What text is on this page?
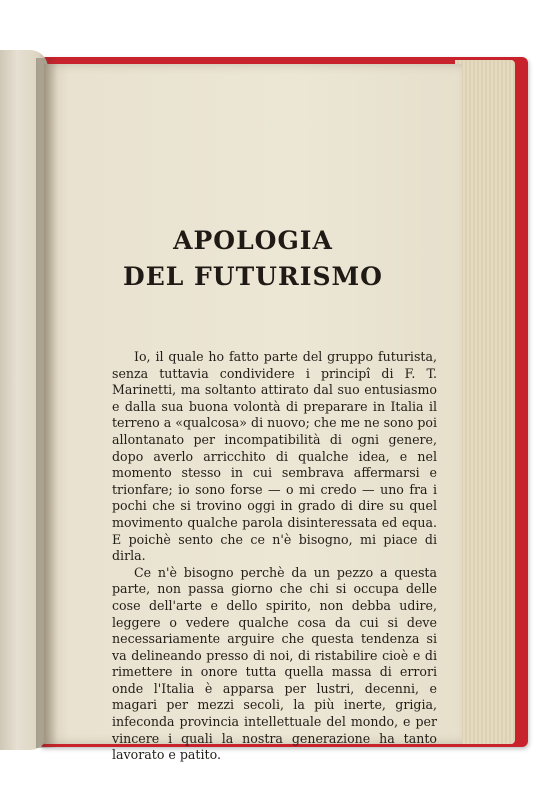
APOLOGIA
DEL FUTURISMO

Io, il quale ho fatto parte del gruppo futurista, senza tuttavia condividere i principî di F. T. Marinetti, ma soltanto attirato dal suo entusiasmo e dalla sua buona volontà di preparare in Italia il terreno a «qualcosa» di nuovo; che me ne sono poi allontanato per incompatibilità di ogni genere, dopo averlo arricchito di qualche idea, e nel momento stesso in cui sembrava affermarsi e trionfare; io sono forse — o mi credo — uno fra i pochi che si trovino oggi in grado di dire su quel movimento qualche parola disinteressata ed equa. E poichè sento che ce n'è bisogno, mi piace di dirla.

Ce n'è bisogno perchè da un pezzo a questa parte, non passa giorno che chi si occupa delle cose dell'arte e dello spirito, non debba udire, leggere o vedere qualche cosa da cui si deve necessariamente arguire che questa tendenza si va delineando presso di noi, di ristabilire cioè e di rimettere in onore tutta quella massa di errori onde l'Italia è apparsa per lustri, decenni, e magari per mezzi secoli, la più inerte, grigia, infeconda provincia intellettuale del mondo, e per vincere i quali la nostra generazione ha tanto lavorato e patito.
